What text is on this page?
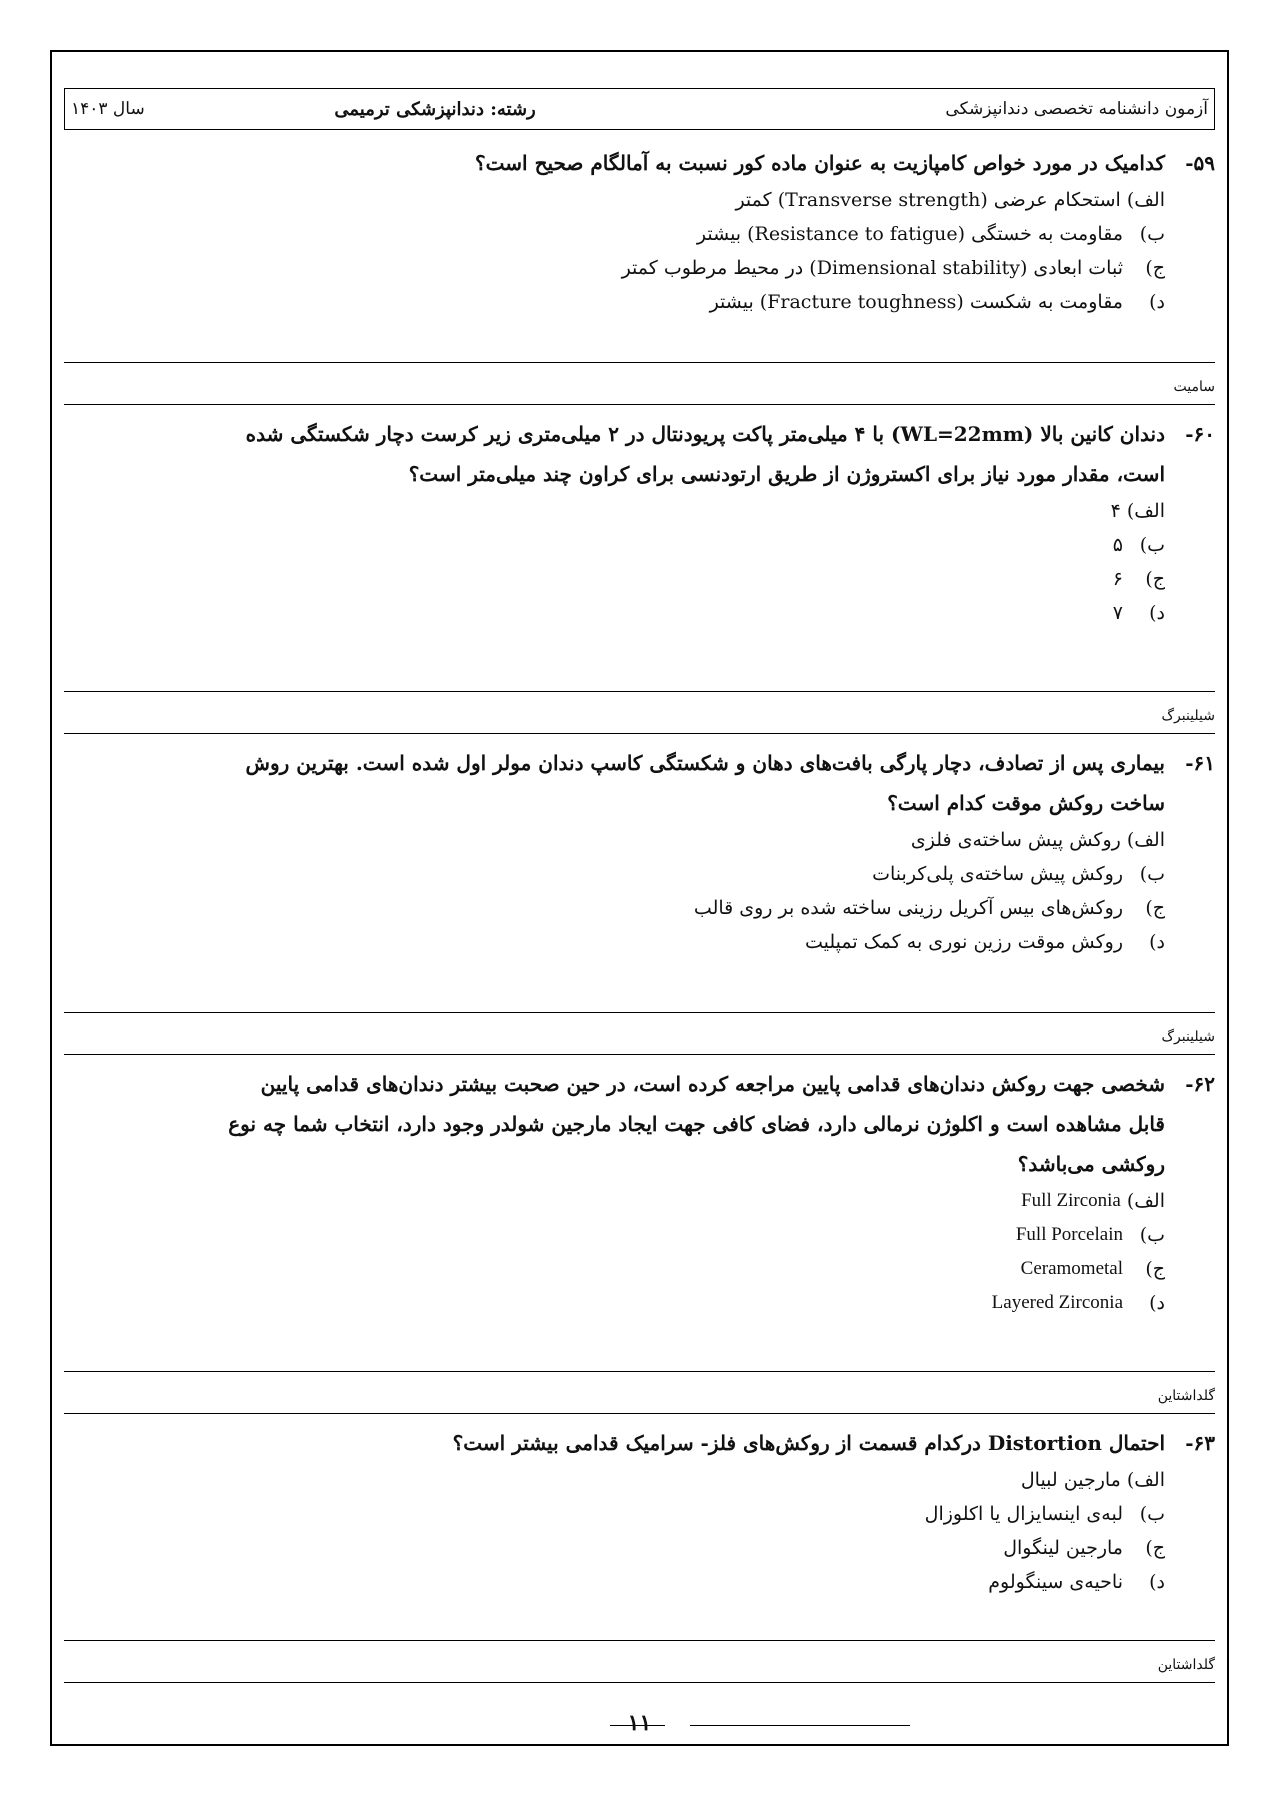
آزمون دانشنامه تخصصی دندانپزشکی
رشته: دندانپزشکی ترمیمی
سال ۱۴۰۳
۵۹-
کدامیک در مورد خواص کامپازیت به عنوان ماده کور نسبت به آمالگام صحیح است؟
الف)
استحکام عرضی (Transverse strength) کمتر
ب)
مقاومت به خستگی (Resistance to fatigue) بیشتر
ج)
ثبات ابعادی (Dimensional stability) در محیط مرطوب کمتر
د)
مقاومت به شکست (Fracture toughness) بیشتر
سامیت
۶۰-
دندان کانین بالا (WL=22mm) با ۴ میلی‌متر پاکت پریودنتال در ۲ میلی‌متری زیر کرست دچار شکستگی شده
است، مقدار مورد نیاز برای اکستروژن از طریق ارتودنسی برای کراون چند میلی‌متر است؟
الف)
۴
ب)
۵
ج)
۶
د)
۷
شیلینبرگ
۶۱-
بیماری پس از تصادف، دچار پارگی بافت‌های دهان و شکستگی کاسپ دندان مولر اول شده است. بهترین روش
ساخت روکش موقت کدام است؟
الف)
روکش پیش ساخته‌ی فلزی
ب)
روکش پیش ساخته‌ی پلی‌کربنات
ج)
روکش‌های بیس آکریل رزینی ساخته شده بر روی قالب
د)
روکش موقت رزین نوری به کمک تمپلیت
شیلینبرگ
۶۲-
شخصی جهت روکش دندان‌های قدامی پایین مراجعه کرده است، در حین صحبت بیشتر دندان‌های قدامی پایین
قابل مشاهده است و اکلوژن نرمالی دارد، فضای کافی جهت ایجاد مارجین شولدر وجود دارد، انتخاب شما چه نوع
روکشی می‌باشد؟
الف)
Full Zirconia
ب)
Full Porcelain
ج)
Ceramometal
د)
Layered Zirconia
گلداشتاین
۶۳-
احتمال Distortion درکدام قسمت از روکش‌های فلز- سرامیک قدامی بیشتر است؟
الف)
مارجین لبیال
ب)
لبه‌ی اینسایزال یا اکلوزال
ج)
مارجین لینگوال
د)
ناحیه‌ی سینگولوم
گلداشتاین
۱۱
